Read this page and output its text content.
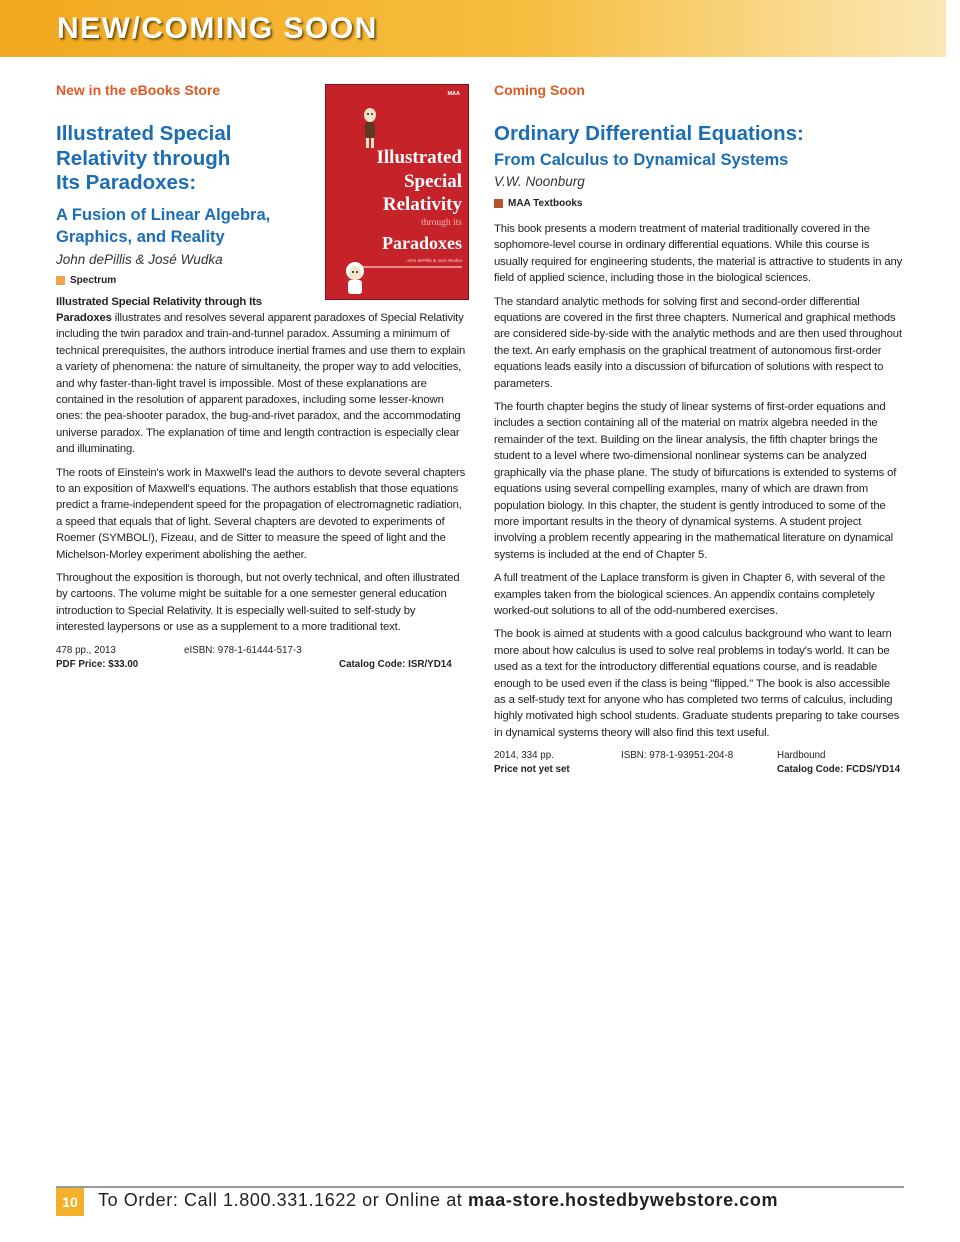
NEW/COMING SOON
New in the eBooks Store
Illustrated Special
Relativity through
Its Paradoxes:
A Fusion of Linear Algebra,
Graphics, and Reality
John dePillis & José Wudka
Spectrum

Illustrated Special Relativity through Its
Paradoxes illustrates and resolves several apparent paradoxes of Special Relativity including the twin paradox and train-and-tunnel paradox. Assuming a minimum of technical prerequisites, the authors introduce inertial frames and use them to explain a variety of phenomena: the nature of simultaneity, the proper way to add velocities, and why faster-than-light travel is impossible. Most of these explanations are contained in the resolution of apparent paradoxes, including some lesser-known ones: the pea-shooter paradox, the bug-and-rivet paradox, and the accommodating universe paradox. The explanation of time and length contraction is especially clear and illuminating.

The roots of Einstein's work in Maxwell's lead the authors to devote several chapters to an exposition of Maxwell's equations. The authors establish that those equations predict a frame-independent speed for the propagation of electromagnetic radiation, a speed that equals that of light. Several chapters are devoted to experiments of Roemer (SYMBOL!), Fizeau, and de Sitter to measure the speed of light and the Michelson-Morley experiment abolishing the aether.

Throughout the exposition is thorough, but not overly technical, and often illustrated by cartoons. The volume might be suitable for a one semester general education introduction to Special Relativity. It is especially well-suited to self-study by interested laypersons or use as a supplement to a more traditional text.

478 pp., 2013	eISBN: 978-1-61444-517-3
PDF Price: $33.00	Catalog Code: ISR/YD14
MAA
Illustrated
Special
Relativity
through its
Paradoxes
John dePillis & José Wudka
Coming Soon
Ordinary Differential Equations:
From Calculus to Dynamical Systems
V.W. Noonburg
MAA Textbooks

This book presents a modern treatment of material traditionally covered in the sophomore-level course in ordinary differential equations. While this course is usually required for engineering students, the material is attractive to students in any field of applied science, including those in the biological sciences.

The standard analytic methods for solving first and second-order differential equations are covered in the first three chapters. Numerical and graphical methods are considered side-by-side with the analytic methods and are then used throughout the text. An early emphasis on the graphical treatment of autonomous first-order equations leads easily into a discussion of bifurcation of solutions with respect to parameters.

The fourth chapter begins the study of linear systems of first-order equations and includes a section containing all of the material on matrix algebra needed in the remainder of the text. Building on the linear analysis, the fifth chapter brings the student to a level where two-dimensional nonlinear systems can be analyzed graphically via the phase plane. The study of bifurcations is extended to systems of equations using several compelling examples, many of which are drawn from population biology. In this chapter, the student is gently introduced to some of the more important results in the theory of dynamical systems. A student project involving a problem recently appearing in the mathematical literature on dynamical systems is included at the end of Chapter 5.

A full treatment of the Laplace transform is given in Chapter 6, with several of the examples taken from the biological sciences. An appendix contains completely worked-out solutions to all of the odd-numbered exercises.

The book is aimed at students with a good calculus background who want to learn more about how calculus is used to solve real problems in today's world. It can be used as a text for the introductory differential equations course, and is readable enough to be used even if the class is being "flipped." The book is also accessible as a self-study text for anyone who has completed two terms of calculus, including highly motivated high school students. Graduate students preparing to take courses in dynamical systems theory will also find this text useful.

2014, 334 pp.	ISBN: 978-1-93951-204-8	Hardbound
Price not yet set	Catalog Code: FCDS/YD14
10	To Order: Call 1.800.331.1622 or Online at maa-store.hostedbywebstore.com
